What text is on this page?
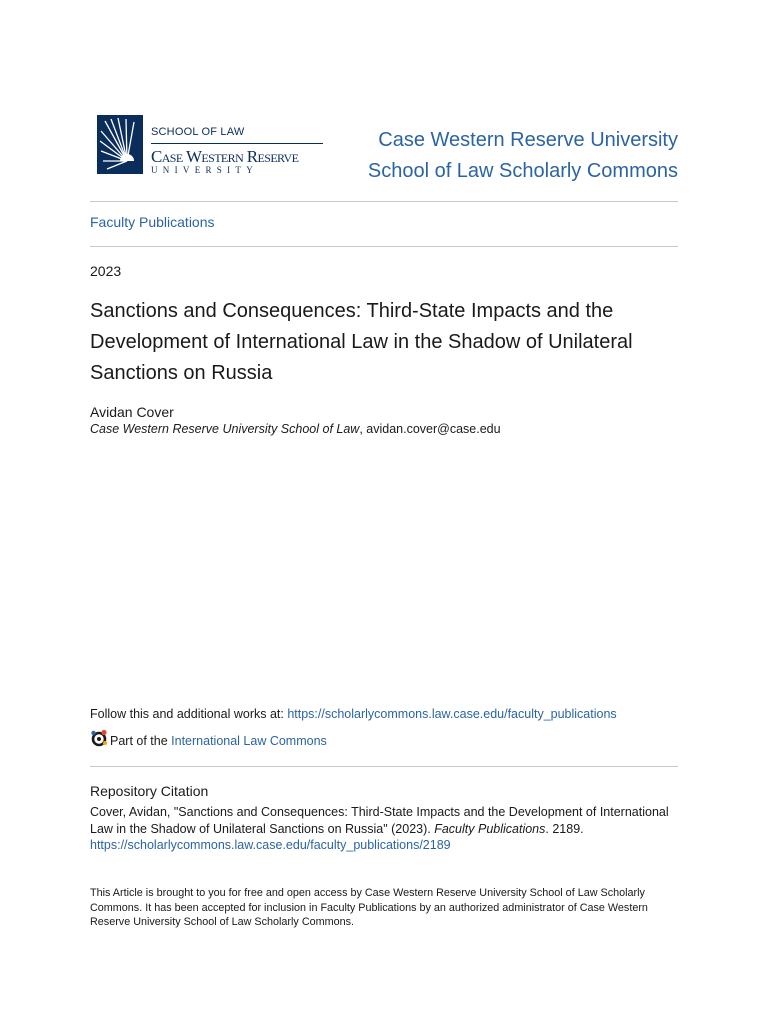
SCHOOL OF LAW
Case Western Reserve
UNIVERSITY
Case Western Reserve University
School of Law Scholarly Commons
Faculty Publications
2023
Sanctions and Consequences: Third-State Impacts and the Development of International Law in the Shadow of Unilateral Sanctions on Russia
Avidan Cover
Case Western Reserve University School of Law, avidan.cover@case.edu
Follow this and additional works at: https://scholarlycommons.law.case.edu/faculty_publications
Part of the International Law Commons
Repository Citation
Cover, Avidan, "Sanctions and Consequences: Third-State Impacts and the Development of International Law in the Shadow of Unilateral Sanctions on Russia" (2023). Faculty Publications. 2189.
https://scholarlycommons.law.case.edu/faculty_publications/2189
This Article is brought to you for free and open access by Case Western Reserve University School of Law Scholarly Commons. It has been accepted for inclusion in Faculty Publications by an authorized administrator of Case Western Reserve University School of Law Scholarly Commons.
